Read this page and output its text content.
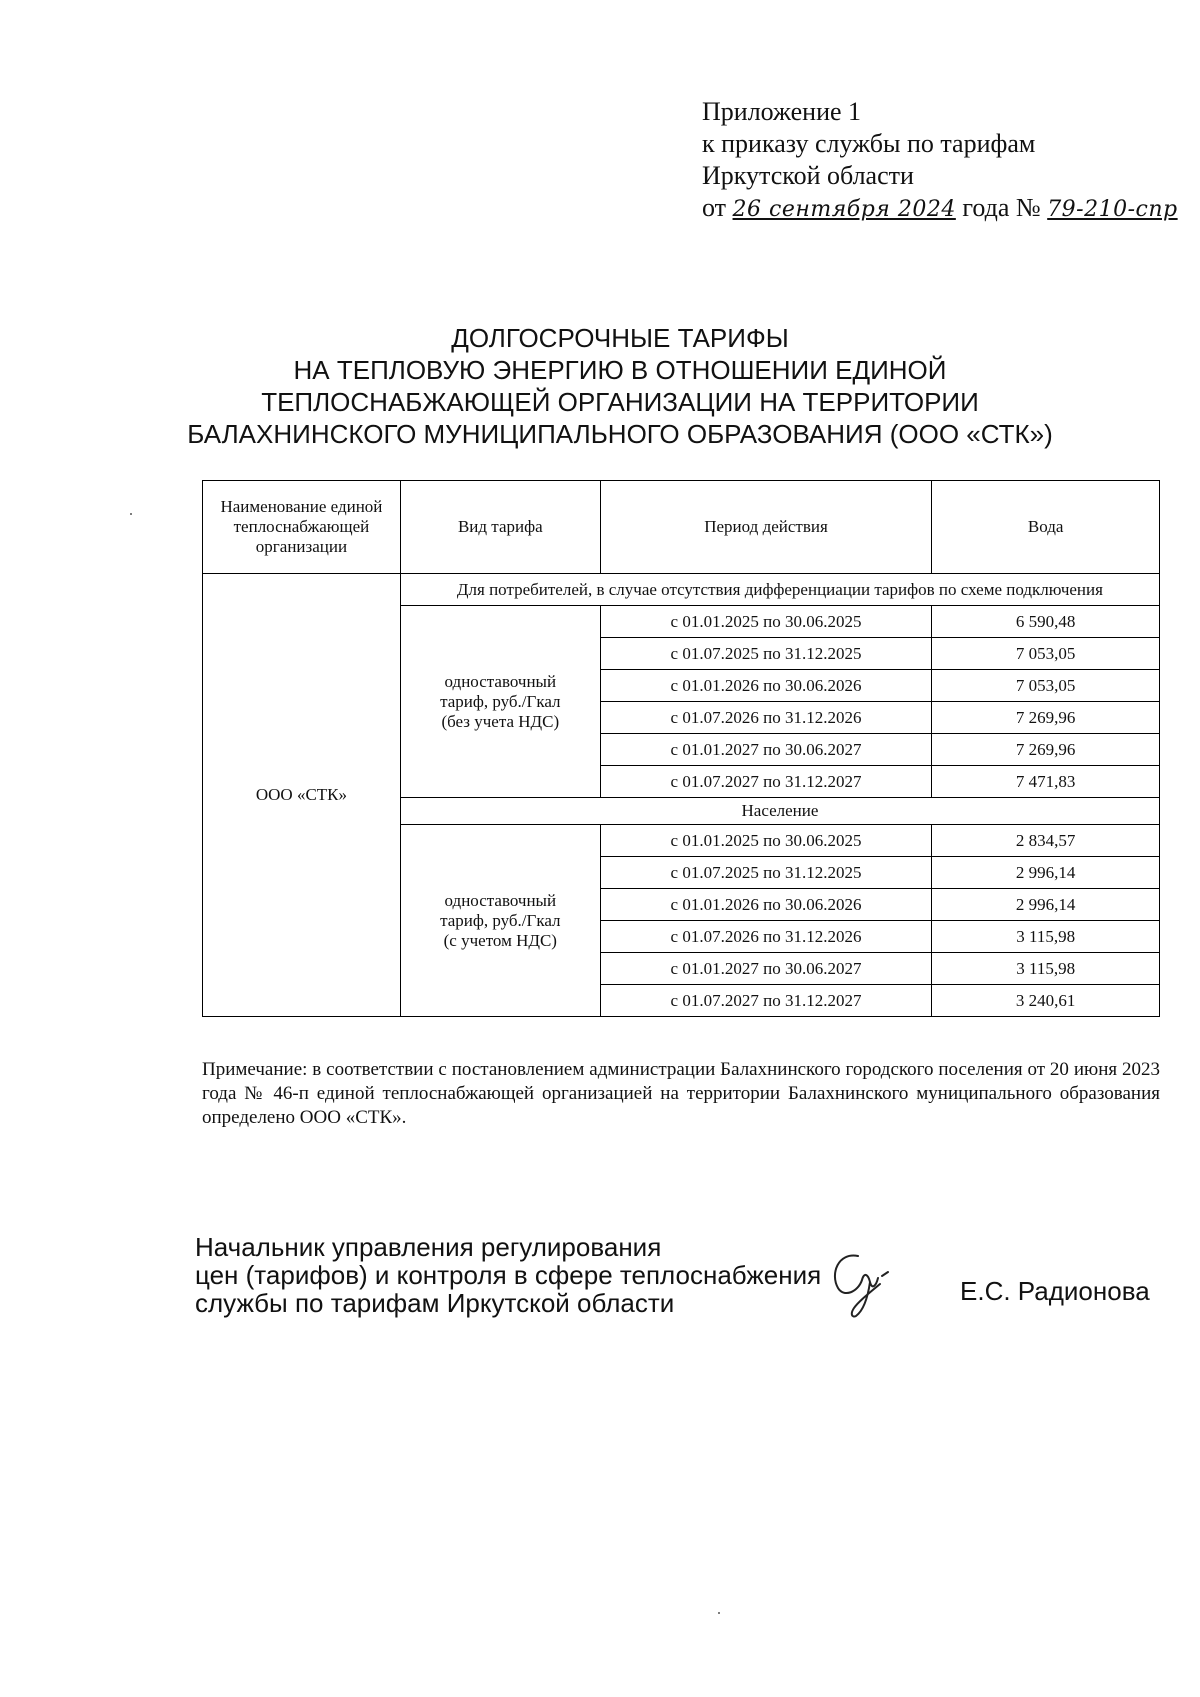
Приложение 1
к приказу службы по тарифам
Иркутской области
от 26 сентября 2024 года № 79-210-спр
ДОЛГОСРОЧНЫЕ ТАРИФЫ
НА ТЕПЛОВУЮ ЭНЕРГИЮ В ОТНОШЕНИИ ЕДИНОЙ
ТЕПЛОСНАБЖАЮЩЕЙ ОРГАНИЗАЦИИ НА ТЕРРИТОРИИ
БАЛАХНИНСКОГО МУНИЦИПАЛЬНОГО ОБРАЗОВАНИЯ (ООО «СТК»)
Наименование единой теплоснабжающей организации	Вид тарифа	Период действия	Вода
ООО «СТК»	Для потребителей, в случае отсутствия дифференциации тарифов по схеме подключения		

	одноставочный
тариф, руб./Гкал
(без учета НДС)	с 01.01.2025 по 30.06.2025	6 590,48
		с 01.07.2025 по 31.12.2025	7 053,05
		с 01.01.2026 по 30.06.2026	7 053,05
		с 01.07.2026 по 31.12.2026	7 269,96
		с 01.01.2027 по 30.06.2027	7 269,96
		с 01.07.2027 по 31.12.2027	7 471,83
	Население		

	одноставочный
тариф, руб./Гкал
(с учетом НДС)	с 01.01.2025 по 30.06.2025	2 834,57
		с 01.07.2025 по 31.12.2025	2 996,14
		с 01.01.2026 по 30.06.2026	2 996,14
		с 01.07.2026 по 31.12.2026	3 115,98
		с 01.01.2027 по 30.06.2027	3 115,98
		с 01.07.2027 по 31.12.2027	3 240,61
Примечание: в соответствии с постановлением администрации Балахнинского городского поселения от 20 июня 2023 года № 46-п единой теплоснабжающей организацией на территории Балахнинского муниципального образования определено ООО «СТК».
Начальник управления регулирования
цен (тарифов) и контроля в сфере теплоснабжения
службы по тарифам Иркутской области	Е.С. Радионова
